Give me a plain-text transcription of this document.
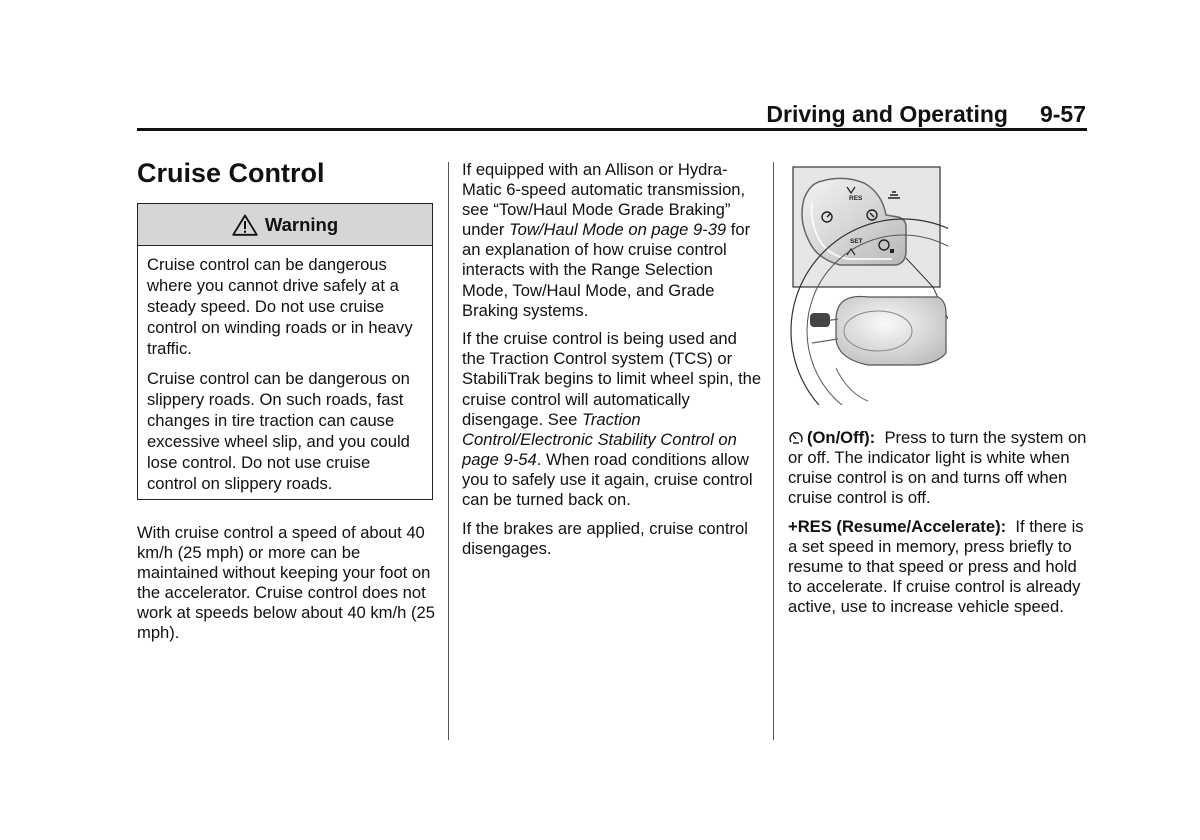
Driving and Operating 9-57
Cruise Control
Warning

Cruise control can be dangerous where you cannot drive safely at a steady speed. Do not use cruise control on winding roads or in heavy traffic.

Cruise control can be dangerous on slippery roads. On such roads, fast changes in tire traction can cause excessive wheel slip, and you could lose control. Do not use cruise control on slippery roads.

With cruise control a speed of about 40 km/h (25 mph) or more can be maintained without keeping your foot on the accelerator. Cruise control does not work at speeds below about 40 km/h (25 mph).

If equipped with an Allison or Hydra-Matic 6-speed automatic transmission, see “Tow/Haul Mode Grade Braking” under Tow/Haul Mode on page 9-39 for an explanation of how cruise control interacts with the Range Selection Mode, Tow/Haul Mode, and Grade Braking systems.

If the cruise control is being used and the Traction Control system (TCS) or StabiliTrak begins to limit wheel spin, the cruise control will automatically disengage. See Traction Control/Electronic Stability Control on page 9-54. When road conditions allow you to safely use it again, cruise control can be turned back on.

If the brakes are applied, cruise control disengages.

RES
SET

(On/Off): Press to turn the system on or off. The indicator light is white when cruise control is on and turns off when cruise control is off.

+RES (Resume/Accelerate): If there is a set speed in memory, press briefly to resume to that speed or press and hold to accelerate. If cruise control is already active, use to increase vehicle speed.
